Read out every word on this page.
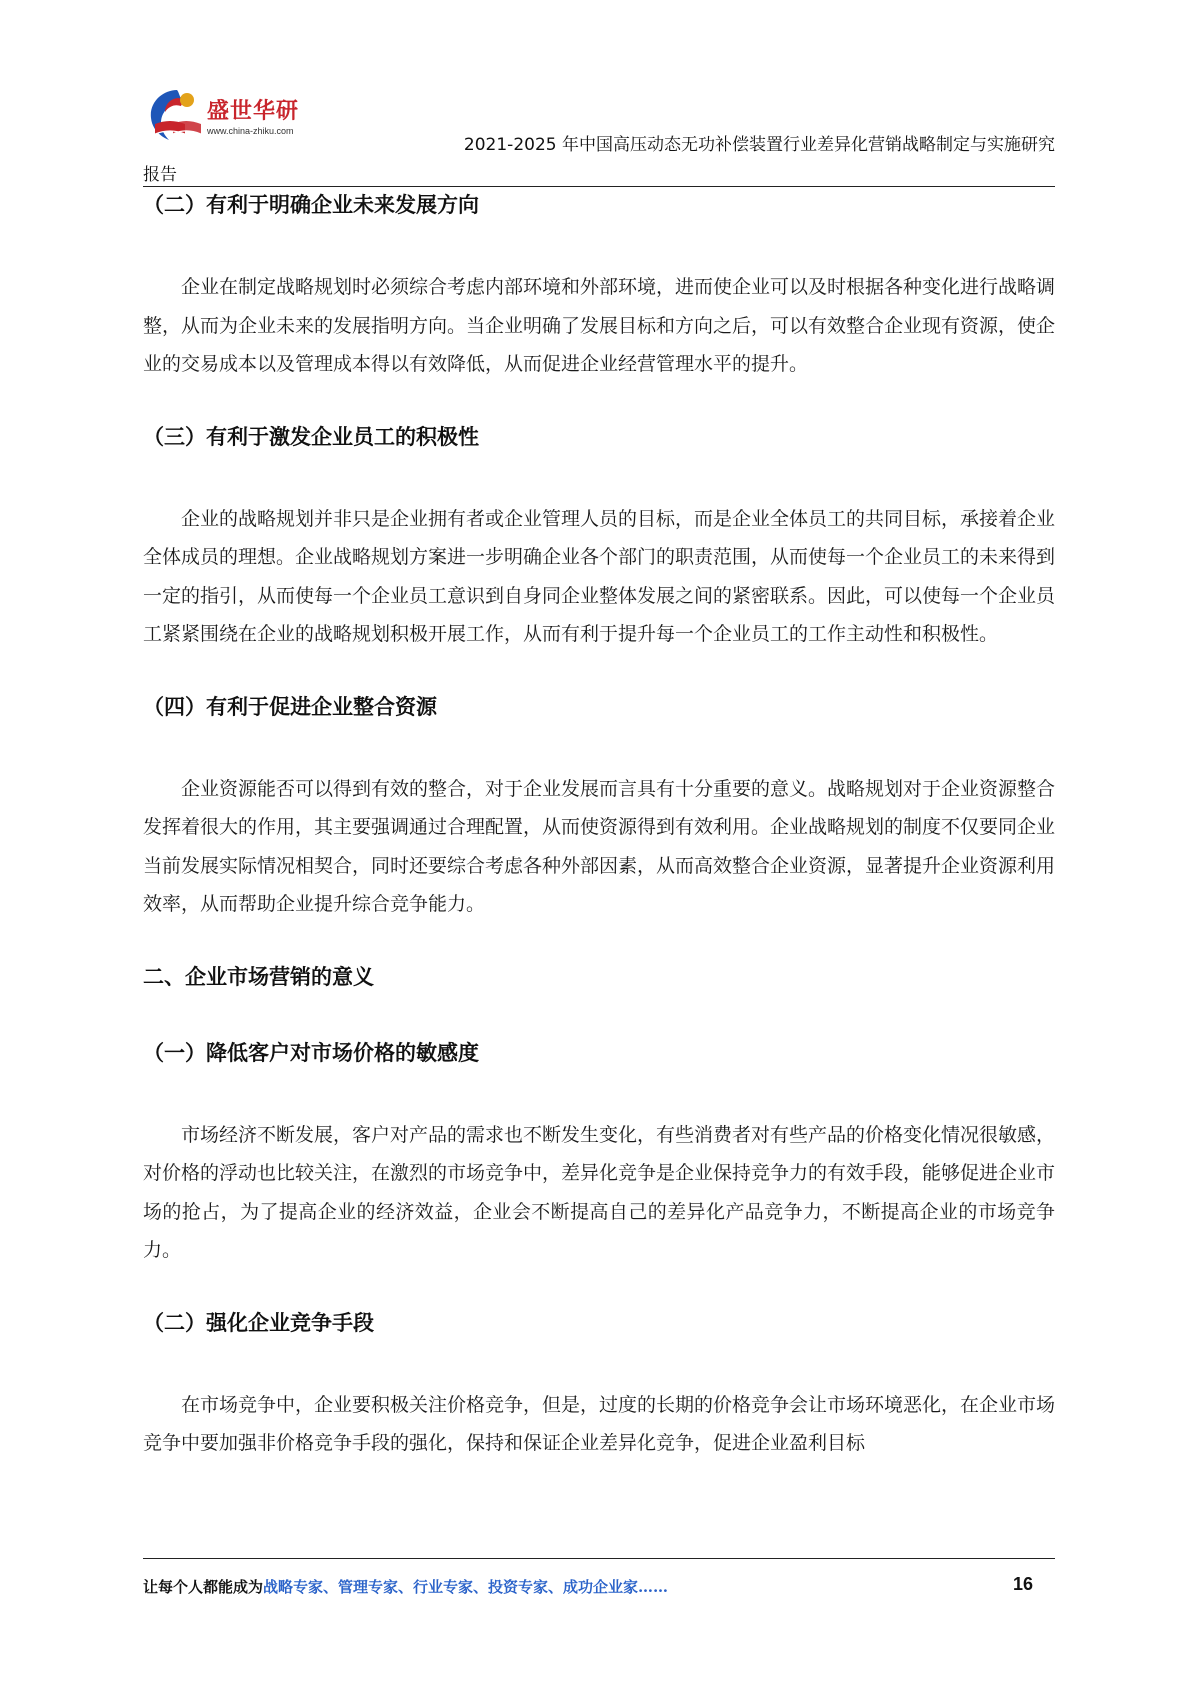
盛世华研
www.china-zhiku.com
2021-2025 年中国高压动态无功补偿装置行业差异化营销战略制定与实施研究
报告
（二）有利于明确企业未来发展方向
企业在制定战略规划时必须综合考虑内部环境和外部环境，进而使企业可以及时根据各种变化进行战略调整，从而为企业未来的发展指明方向。当企业明确了发展目标和方向之后，可以有效整合企业现有资源，使企业的交易成本以及管理成本得以有效降低，从而促进企业经营管理水平的提升。
（三）有利于激发企业员工的积极性
企业的战略规划并非只是企业拥有者或企业管理人员的目标，而是企业全体员工的共同目标，承接着企业全体成员的理想。企业战略规划方案进一步明确企业各个部门的职责范围，从而使每一个企业员工的未来得到一定的指引，从而使每一个企业员工意识到自身同企业整体发展之间的紧密联系。因此，可以使每一个企业员工紧紧围绕在企业的战略规划积极开展工作，从而有利于提升每一个企业员工的工作主动性和积极性。
（四）有利于促进企业整合资源
企业资源能否可以得到有效的整合，对于企业发展而言具有十分重要的意义。战略规划对于企业资源整合发挥着很大的作用，其主要强调通过合理配置，从而使资源得到有效利用。企业战略规划的制度不仅要同企业当前发展实际情况相契合，同时还要综合考虑各种外部因素，从而高效整合企业资源，显著提升企业资源利用效率，从而帮助企业提升综合竞争能力。
二、企业市场营销的意义
（一）降低客户对市场价格的敏感度
市场经济不断发展，客户对产品的需求也不断发生变化，有些消费者对有些产品的价格变化情况很敏感，对价格的浮动也比较关注，在激烈的市场竞争中，差异化竞争是企业保持竞争力的有效手段，能够促进企业市场的抢占，为了提高企业的经济效益，企业会不断提高自己的差异化产品竞争力，不断提高企业的市场竞争力。
（二）强化企业竞争手段
在市场竞争中，企业要积极关注价格竞争，但是，过度的长期的价格竞争会让市场环境恶化，在企业市场竞争中要加强非价格竞争手段的强化，保持和保证企业差异化竞争，促进企业盈利目标
让每个人都能成为战略专家、管理专家、行业专家、投资专家、成功企业家……	16
